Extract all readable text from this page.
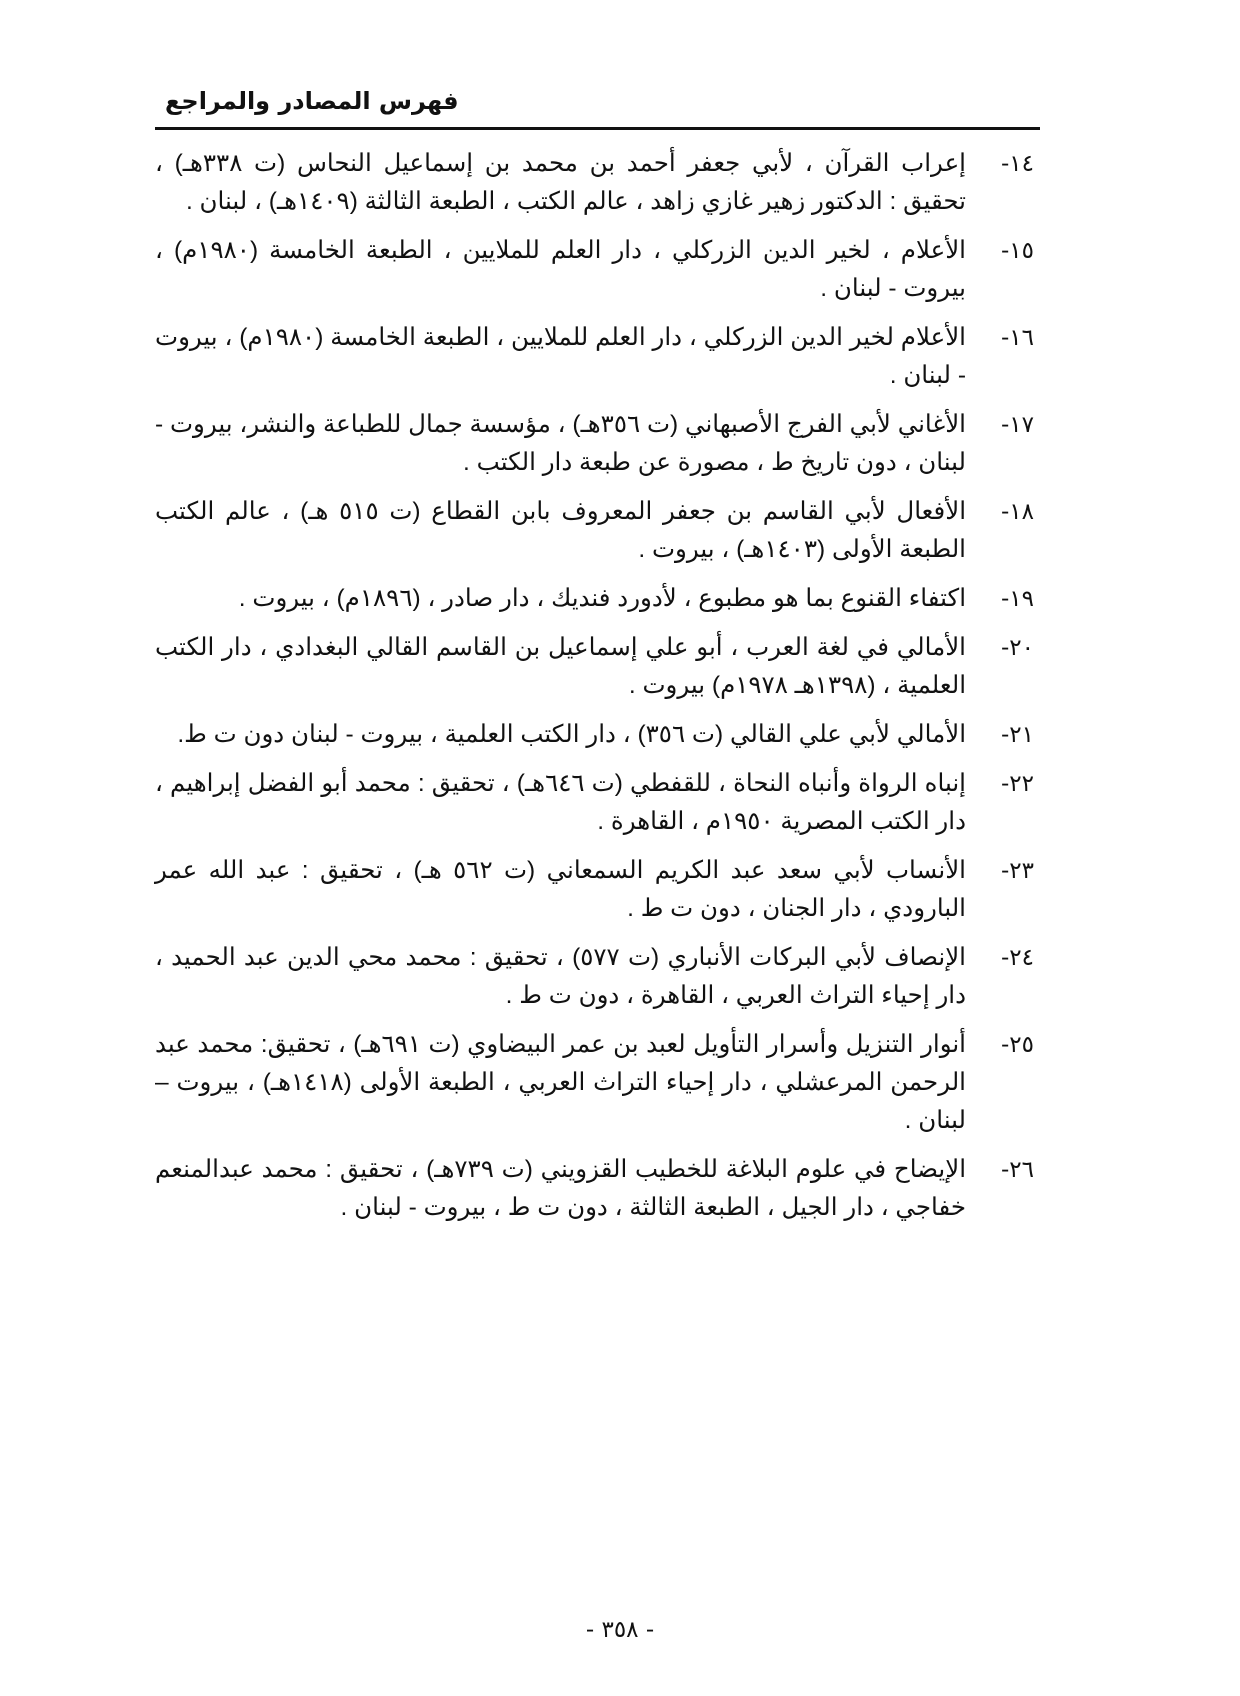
فهرس المصادر والمراجع
١٤-
إعراب القرآن ، لأبي جعفر أحمد بن محمد بن إسماعيل النحاس (ت ٣٣٨هـ) ، تحقيق : الدكتور زهير غازي زاهد ، عالم الكتب ، الطبعة الثالثة (١٤٠٩هـ) ، لبنان .
١٥-
الأعلام ، لخير الدين الزركلي ، دار العلم للملايين ، الطبعة الخامسة (١٩٨٠م) ، بيروت - لبنان .
١٦-
الأعلام لخير الدين الزركلي ، دار العلم للملايين ، الطبعة الخامسة (١٩٨٠م) ، بيروت - لبنان .
١٧-
الأغاني لأبي الفرج الأصبهاني (ت ٣٥٦هـ) ، مؤسسة جمال للطباعة والنشر، بيروت - لبنان ، دون تاريخ ط ، مصورة عن طبعة دار الكتب .
١٨-
الأفعال لأبي القاسم بن جعفر المعروف بابن القطاع (ت ٥١٥ هـ) ، عالم الكتب الطبعة الأولى (١٤٠٣هـ) ، بيروت .
١٩-
اكتفاء القنوع بما هو مطبوع ، لأدورد فنديك ، دار صادر ، (١٨٩٦م) ، بيروت .
٢٠-
الأمالي في لغة العرب ، أبو علي إسماعيل بن القاسم القالي البغدادي ، دار الكتب العلمية ، (١٣٩٨هـ ١٩٧٨م) بيروت .
٢١-
الأمالي لأبي علي القالي (ت ٣٥٦) ، دار الكتب العلمية ، بيروت - لبنان دون ت ط.
٢٢-
إنباه الرواة وأنباه النحاة ، للقفطي (ت ٦٤٦هـ) ، تحقيق : محمد أبو الفضل إبراهيم ، دار الكتب المصرية ١٩٥٠م ، القاهرة .
٢٣-
الأنساب لأبي سعد عبد الكريم السمعاني (ت ٥٦٢ هـ) ، تحقيق : عبد الله عمر البارودي ، دار الجنان ، دون ت ط .
٢٤-
الإنصاف لأبي البركات الأنباري (ت ٥٧٧) ، تحقيق : محمد محي الدين عبد الحميد ، دار إحياء التراث العربي ، القاهرة ، دون ت ط .
٢٥-
أنوار التنزيل وأسرار التأويل لعبد بن عمر البيضاوي (ت ٦٩١هـ) ، تحقيق: محمد عبد الرحمن المرعشلي ، دار إحياء التراث العربي ، الطبعة الأولى (١٤١٨هـ) ، بيروت – لبنان .
٢٦-
الإيضاح في علوم البلاغة للخطيب القزويني (ت ٧٣٩هـ) ، تحقيق : محمد عبدالمنعم خفاجي ، دار الجيل ، الطبعة الثالثة ، دون ت ط ، بيروت - لبنان .
- ٣٥٨ -
